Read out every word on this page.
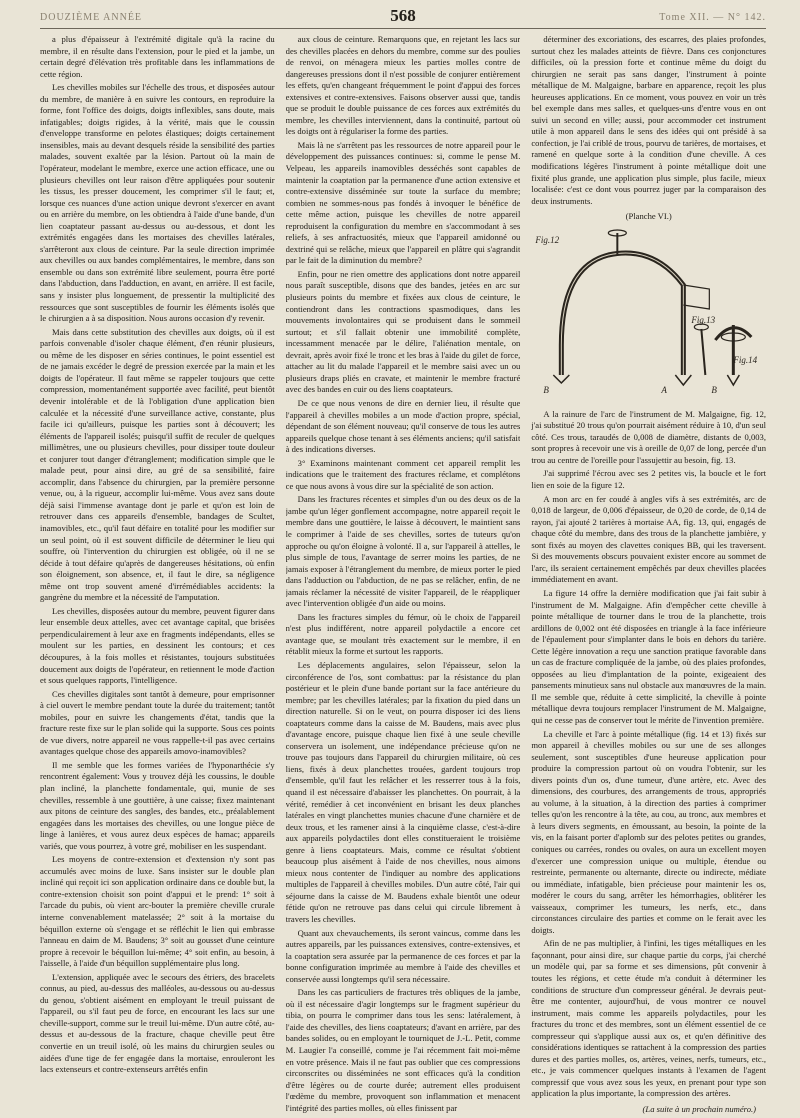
DOUZIÈME ANNÉE	568	Tome XII. — N° 142.

a plus d'épaisseur à l'extrémité digitale qu'à la racine du membre, il en résulte dans l'extension, pour le pied et la jambe, un certain degré d'élévation très profitable dans les inflammations de cette région.

Les chevilles mobiles sur l'échelle des trous, et disposées autour du membre, de manière à en suivre les contours, en reproduire la forme, font l'office des doigts, doigts inflexibles, sans doute, mais infatigables; doigts rigides, à la vérité, mais que le coussin d'enveloppe transforme en pelotes élastiques; doigts certainement insensibles, mais au devant desquels réside la sensibilité des parties malades, souvent exaltée par la lésion. Partout où la main de l'opérateur, modelant le membre, exerce une action efficace, une ou plusieurs chevilles ont leur raison d'être appliquées pour soutenir les tissus, les presser doucement, les comprimer s'il le faut; et, lorsque ces nuances d'une action unique devront s'exercer en avant ou en arrière du membre, on les obtiendra à l'aide d'une bande, d'un lien coaptateur passant au-dessus ou au-dessous, et dont les extrémités engagées dans les mortaises des chevilles latérales, s'arrêteront aux clous de ceinture. Par la seule direction imprimée aux chevilles ou aux bandes complémentaires, le membre, dans son ensemble ou dans son extrémité libre seulement, pourra être porté dans l'abduction, dans l'adduction, en avant, en arrière. Il est facile, sans y insister plus longuement, de pressentir la multiplicité des ressources que sont susceptibles de fournir les éléments isolés que le chirurgien a à sa disposition. Nous aurons occasion d'y revenir.

Mais dans cette substitution des chevilles aux doigts, où il est parfois convenable d'isoler chaque élément, d'en réunir plusieurs, ou même de les disposer en séries continues, le point essentiel est de ne jamais excéder le degré de pression exercée par la main et les doigts de l'opérateur. Il faut même se rappeler toujours que cette compression, momentanément supportée avec facilité, peut bientôt devenir intolérable et de là l'obligation d'une application bien calculée et la nécessité d'une surveillance active, constante, plus facile ici qu'ailleurs, puisque les parties sont à découvert; les éléments de l'appareil isolés; puisqu'il suffit de reculer de quelques millimètres, une ou plusieurs chevilles, pour dissiper toute douleur et conjurer tout danger d'étranglement; modification simple que le malade peut, pour ainsi dire, au gré de sa sensibilité, faire accomplir, dans l'absence du chirurgien, par la première personne venue, ou, à la rigueur, accomplir lui-même. Vous avez sans doute déjà saisi l'immense avantage dont je parle et qu'on est loin de retrouver dans ces appareils d'ensemble, bandages de Scultet, inamovibles, etc., qu'il faut défaire en totalité pour les modifier sur un seul point, où il est souvent difficile de déterminer le lieu qui souffre, où l'intervention du chirurgien est obligée, où il ne se décide à tout défaire qu'après de dangereuses hésitations, où enfin son éloignement, son absence, et, il faut le dire, sa négligence même ont trop souvent amené d'irrémédiables accidents: la gangrène du membre et la nécessité de l'amputation.

Les chevilles, disposées autour du membre, peuvent figurer dans leur ensemble deux attelles, avec cet avantage capital, que brisées perpendiculairement à leur axe en fragments indépendants, elles se moulent sur les parties, en dessinent les contours; et ces découpures, à la fois molles et résistantes, toujours substituées doucement aux doigts de l'opérateur, en retiennent le mode d'action et sous quelques rapports, l'intelligence.

Ces chevilles digitales sont tantôt à demeure, pour emprisonner à ciel ouvert le membre pendant toute la durée du traitement; tantôt mobiles, pour en suivre les changements d'état, tandis que la fracture reste fixe sur le plan solide qui la supporte. Sous ces points de vue divers, notre appareil ne vous rappelle-t-il pas avec certains avantages quelque chose des appareils amovo-inamovibles?

Il me semble que les formes variées de l'hyponarthécie s'y rencontrent également: Vous y trouvez déjà les coussins, le double plan incliné, la planchette fondamentale, qui, munie de ses chevilles, ressemble à une gouttière, à une caisse; fixez maintenant aux pitons de ceinture des sangles, des bandes, etc., préalablement engagées dans les mortaises des chevilles, ou une longue pièce de linge à lanières, et vous aurez deux espèces de hamac; appareils variés, que vous pourrez, à votre gré, mobiliser en les suspendant.

Les moyens de contre-extension et d'extension n'y sont pas accumulés avec moins de luxe. Sans insister sur le double plan incliné qui reçoit ici son application ordinaire dans ce double but, la contre-extension choisit son point d'appui et le prend: 1° soit à l'arcade du pubis, où vient arc-bouter la première cheville crurale interne convenablement matelassée; 2° soit à la mortaise du béquillon externe où s'engage et se réfléchit le lien qui embrasse l'anneau en daim de M. Baudens; 3° soit au gousset d'une ceinture propre à recevoir le béquillon lui-même; 4° soit enfin, au besoin, à l'aisselle, à l'aide d'un béquillon supplémentaire plus long.

L'extension, appliquée avec le secours des étriers, des bracelets connus, au pied, au-dessus des malléoles, au-dessous ou au-dessus du genou, s'obtient aisément en employant le treuil puissant de l'appareil, ou s'il faut peu de force, en encourant les lacs sur une cheville-support, comme sur le treuil lui-même. D'un autre côté, au-dessus et au-dessous de la fracture, chaque cheville peut être convertie en un treuil isolé, où les mains du chirurgien seules ou aidées d'une tige de fer engagée dans la mortaise, enrouleront les lacs extenseurs et contre-extenseurs arrêtés enfin

aux clous de ceinture. Remarquons que, en rejetant les lacs sur des chevilles placées en dehors du membre, comme sur des poulies de renvoi, on ménagera mieux les parties molles contre de dangereuses pressions dont il n'est possible de conjurer entièrement les effets, qu'en changeant fréquemment le point d'appui des forces extensives et contre-extensives. Faisons observer aussi que, tandis que se produit le double puissance de ces forces aux extrémités du membre, les chevilles interviennent, dans la continuité, partout où les doigts ont à régulariser la forme des parties.

Mais là ne s'arrêtent pas les ressources de notre appareil pour le développement des puissances continues: si, comme le pense M. Velpeau, les appareils inamovibles desséchés sont capables de maintenir la coaptation par la permanence d'une action extensive et contre-extensive disséminée sur toute la surface du membre; combien ne sommes-nous pas fondés à invoquer le bénéfice de cette même action, puisque les chevilles de notre appareil reproduisent la configuration du membre en s'accommodant à ses reliefs, à ses anfractuosités, mieux que l'appareil amidonné ou dextriné qui se relâche, mieux que l'appareil en plâtre qui s'agrandit par le fait de la diminution du membre?

Enfin, pour ne rien omettre des applications dont notre appareil nous paraît susceptible, disons que des bandes, jetées en arc sur plusieurs points du membre et fixées aux clous de ceinture, le contiendront dans les contractions spasmodiques, dans les mouvements involontaires qui se produisent dans le sommeil surtout; et s'il fallait obtenir une immobilité complète, incessamment menacée par le délire, l'aliénation mentale, on devrait, après avoir fixé le tronc et les bras à l'aide du gilet de force, attacher au lit du malade l'appareil et le membre saisi avec un ou plusieurs draps pliés en cravate, et maintenir le membre fracturé avec des bandes en cuir ou des liens coaptateurs.

De ce que nous venons de dire en dernier lieu, il résulte que l'appareil à chevilles mobiles a un mode d'action propre, spécial, dépendant de son élément nouveau; qu'il conserve de tous les autres appareils quelque chose tenant à ses éléments anciens; qu'il satisfait à des indications diverses.

3° Examinons maintenant comment cet appareil remplit les indications que le traitement des fractures réclame, et complétons ce que nous avons à vous dire sur la spécialité de son action.

Dans les fractures récentes et simples d'un ou des deux os de la jambe qu'un léger gonflement accompagne, notre appareil reçoit le membre dans une gouttière, le laisse à découvert, le maintient sans le comprimer à l'aide de ses chevilles, sortes de tuteurs qu'on approche ou qu'on éloigne à volonté. Il a, sur l'appareil à attelles, le plus simple de tous, l'avantage de serrer moins les parties, de ne jamais exposer à l'étranglement du membre, de mieux porter le pied dans l'adduction ou l'abduction, de ne pas se relâcher, enfin, de ne jamais réclamer la nécessité de visiter l'appareil, de le réappliquer avec l'intervention obligée d'un aide ou moins.

Dans les fractures simples du fémur, où le choix de l'appareil n'est plus indifférent, notre appareil polydactile a encore cet avantage que, se moulant très exactement sur le membre, il en rétablit mieux la forme et surtout les rapports.

Les déplacements angulaires, selon l'épaisseur, selon la circonférence de l'os, sont combattus: par la résistance du plan postérieur et le plein d'une bande portant sur la face antérieure du membre; par les chevilles latérales; par la fixation du pied dans un direction naturelle. Si on le veut, on pourra disposer ici des liens coaptateurs comme dans la caisse de M. Baudens, mais avec plus d'avantage encore, puisque chaque lien fixé à une seule cheville conservera un isolement, une indépendance précieuse qu'on ne trouve pas toujours dans l'appareil du chirurgien militaire, où ces liens, fixés à deux planchettes trouées, gardent toujours trop d'ensemble, qu'il faut les relâcher et les resserrer tous à la fois, quand il est nécessaire d'abaisser les planchettes. On pourrait, à la vérité, remédier à cet inconvénient en brisant les deux planches latérales en vingt planchettes munies chacune d'une charnière et de deux trous, et les ramener ainsi à la cinquième classe, c'est-à-dire aux appareils polydactiles dont elles constitueraient le troisième genre à liens coaptateurs. Mais, comme ce résultat s'obtient beaucoup plus aisément à l'aide de nos chevilles, nous aimons mieux nous contenter de l'indiquer au nombre des applications multiples de l'appareil à chevilles mobiles. D'un autre côté, l'air qui séjourne dans la caisse de M. Baudens exhale bientôt une odeur fétide qu'on ne retrouve pas dans celui qui circule librement à travers les chevilles.

Quant aux chevauchements, ils seront vaincus, comme dans les autres appareils, par les puissances extensives, contre-extensives, et la coaptation sera assurée par la permanence de ces forces et par la bonne configuration imprimée au membre à l'aide des chevilles et conservée aussi longtemps qu'il sera nécessaire.

Dans les cas particuliers de fractures très obliques de la jambe, où il est nécessaire d'agir longtemps sur le fragment supérieur du tibia, on pourra le comprimer dans tous les sens: latéralement, à l'aide des chevilles, des liens coaptateurs; d'avant en arrière, par des bandes solides, ou en employant le tourniquet de J.-L. Petit, comme M. Laugier l'a conseillé, comme je l'ai récemment fait moi-même en votre présence. Mais il ne faut pas oublier que ces compressions circonscrites ou disséminées ne sont efficaces qu'à la condition d'être légères ou de courte durée; autrement elles produisent l'œdème du membre, provoquent son inflammation et menacent l'intégrité des parties molles, où elles finissent par

déterminer des excoriations, des escarres, des plaies profondes, surtout chez les malades atteints de fièvre. Dans ces conjonctures difficiles, où la pression forte et continue même du doigt du chirurgien ne serait pas sans danger, l'instrument à pointe métallique de M. Malgaigne, barbare en apparence, reçoit les plus heureuses applications. En ce moment, vous pouvez en voir un très bel exemple dans mes salles, et quelques-uns d'entre vous en ont suivi un second en ville; aussi, pour accommoder cet instrument utile à mon appareil dans le sens des idées qui ont présidé à sa confection, je l'ai criblé de trous, pourvu de tarières, de mortaises, et ramené en quelque sorte à la condition d'une cheville. A ces modifications légères l'instrument à pointe métallique doit une fixité plus grande, une application plus simple, plus facile, mieux localisée: c'est ce dont vous pourrez juger par la comparaison des deux instruments.

(Planche VI.)
Fig.12
Fig.13
Fig.14
A
B	B

A la rainure de l'arc de l'instrument de M. Malgaigne, fig. 12, j'ai substitué 20 trous qu'on pourrait aisément réduire à 10, d'un seul côté. Ces trous, taraudés de 0,008 de diamètre, distants de 0,003, sont propres à recevoir une vis à oreille de 0,07 de long, percée d'un trou au centre de l'oreille pour l'assujettir au besoin, fig. 13.

J'ai supprimé l'écrou avec ses 2 petites vis, la boucle et le fort lien en soie de la figure 12.

A mon arc en fer coudé à angles vifs à ses extrémités, arc de 0,018 de largeur, de 0,006 d'épaisseur, de 0,20 de corde, de 0,14 de rayon, j'ai ajouté 2 tarières à mortaise AA, fig. 13, qui, engagés de chaque côté du membre, dans des trous de la planchette jambière, y sont fixés au moyen des clavettes coniques BB, qui les traversent. Si des mouvements obscurs pouvaient exister encore au sommet de l'arc, ils seraient certainement empêchés par deux chevilles placées immédiatement en avant.

La figure 14 offre la dernière modification que j'ai fait subir à l'instrument de M. Malgaigne. Afin d'empêcher cette cheville à pointe métallique de tourner dans le trou de la planchette, trois ardillons de 0,002 ont été disposées en triangle à la face inférieure de l'épaulement pour s'implanter dans le bois en dehors du tarière. Cette légère innovation a reçu une sanction pratique favorable dans un cas de fracture compliquée de la jambe, où des plaies profondes, opposées au lieu d'implantation de la pointe, exigeaient des pansements minutieux sans nul obstacle aux manœuvres de la main. Il me semble que, réduite à cette simplicité, la cheville à pointe métallique devra toujours remplacer l'instrument de M. Malgaigne, qui ne cesse pas de conserver tout le mérite de l'invention première.

La cheville et l'arc à pointe métallique (fig. 14 et 13) fixés sur mon appareil à chevilles mobiles ou sur une de ses allonges seulement, sont susceptibles d'une heureuse application pour produire la compression partout où on voudra l'obtenir, sur les divers points d'un os, d'une tumeur, d'une artère, etc. Avec des dimensions, des courbures, des arrangements de trous, appropriés au volume, à la situation, à la direction des parties à comprimer telles qu'on les rencontre à la tête, au cou, au tronc, aux membres et à leurs divers segments, en émoussant, au besoin, la pointe de la vis, en la faisant porter d'aplomb sur des pelotes petites ou grandes, coniques ou carrées, rondes ou ovales, on aura un excellent moyen d'exercer une compression unique ou multiple, étendue ou restreinte, permanente ou alternante, directe ou indirecte, médiate ou immédiate, infatigable, bien précieuse pour maintenir les os, modérer le cours du sang, arrêter les hémorrhagies, oblitérer les vaisseaux, comprimer les tumeurs, les nerfs, etc., dans circonstances circulaire des parties et comme on le ferait avec les doigts.

Afin de ne pas multiplier, à l'infini, les tiges métalliques en les façonnant, pour ainsi dire, sur chaque partie du corps, j'ai cherché un modèle qui, par sa forme et ses dimensions, pût convenir à toutes les régions, et cette étude m'a conduit à déterminer les conditions de structure d'un compresseur général. Je devrais peut-être me contenter, aujourd'hui, de vous montrer ce nouvel instrument, mais comme les appareils polydactiles, pour les fractures du tronc et des membres, sont un élément essentiel de ce compresseur qui s'applique aussi aux os, et qu'en définitive des considérations identiques se rattachent à la compression des parties dures et des parties molles, os, artères, veines, nerfs, tumeurs, etc., etc., je vais commencer quelques instants à l'examen de l'agent compressif que vous avez sous les yeux, en prenant pour type son application la plus importante, la compression des artères.

(La suite à un prochain numéro.)
